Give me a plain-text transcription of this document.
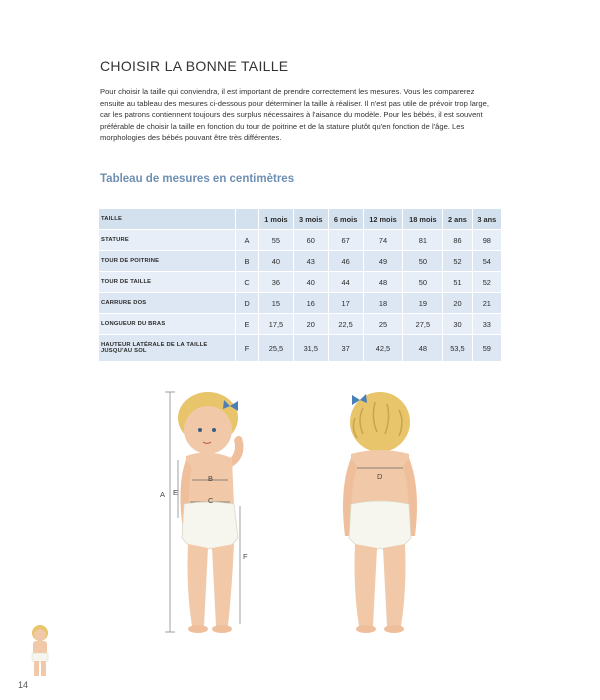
CHOISIR LA BONNE TAILLE
Pour choisir la taille qui conviendra, il est important de prendre correctement les mesures. Vous les comparerez ensuite au tableau des mesures ci-dessous pour déterminer la taille à réaliser. Il n'est pas utile de prévoir trop large, car les patrons contiennent toujours des surplus nécessaires à l'aisance du modèle. Pour les bébés, il est souvent préférable de choisir la taille en fonction du tour de poitrine et de la stature plutôt qu'en fonction de l'âge. Les morphologies des bébés pouvant être très différentes.
Tableau de mesures en centimètres
TAILLE		1 mois	3 mois	6 mois	12 mois	18 mois	2 ans	3 ans
STATURE	A	55	60	67	74	81	86	98
TOUR DE POITRINE	B	40	43	46	49	50	52	54
TOUR DE TAILLE	C	36	40	44	48	50	51	52
CARRURE DOS	D	15	16	17	18	19	20	21
LONGUEUR DU BRAS	E	17,5	20	22,5	25	27,5	30	33
HAUTEUR LATÉRALE DE LA TAILLE JUSQU'AU SOL	F	25,5	31,5	37	42,5	48	53,5	59
A
B
C
E
F
D
14
